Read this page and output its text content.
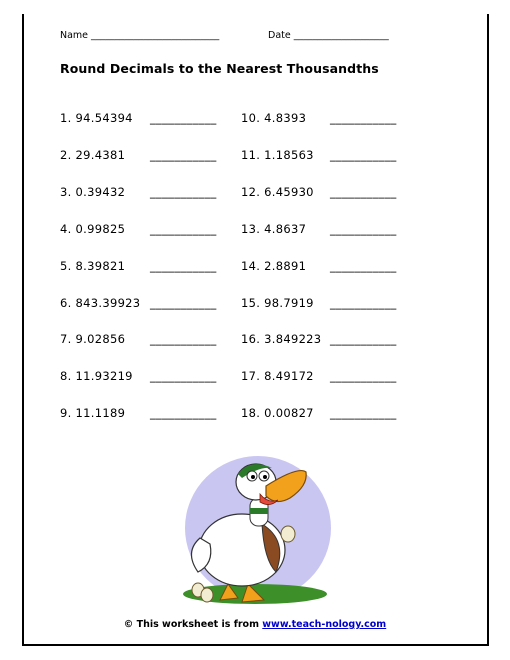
Name ___________________________	Date ____________________
Round Decimals to the Nearest Thousandths
1. 94.54394 ___________
2. 29.4381 ___________
3. 0.39432 ___________
4. 0.99825 ___________
5. 8.39821 ___________
6. 843.39923 ___________
7. 9.02856 ___________
8. 11.93219 ___________
9. 11.1189 ___________
10. 4.8393 ___________
11. 1.18563 ___________
12. 6.45930 ___________
13. 4.8637 ___________
14. 2.8891 ___________
15. 98.7919 ___________
16. 3.849223 ___________
17. 8.49172 ___________
18. 0.00827 ___________
© This worksheet is from www.teach-nology.com
